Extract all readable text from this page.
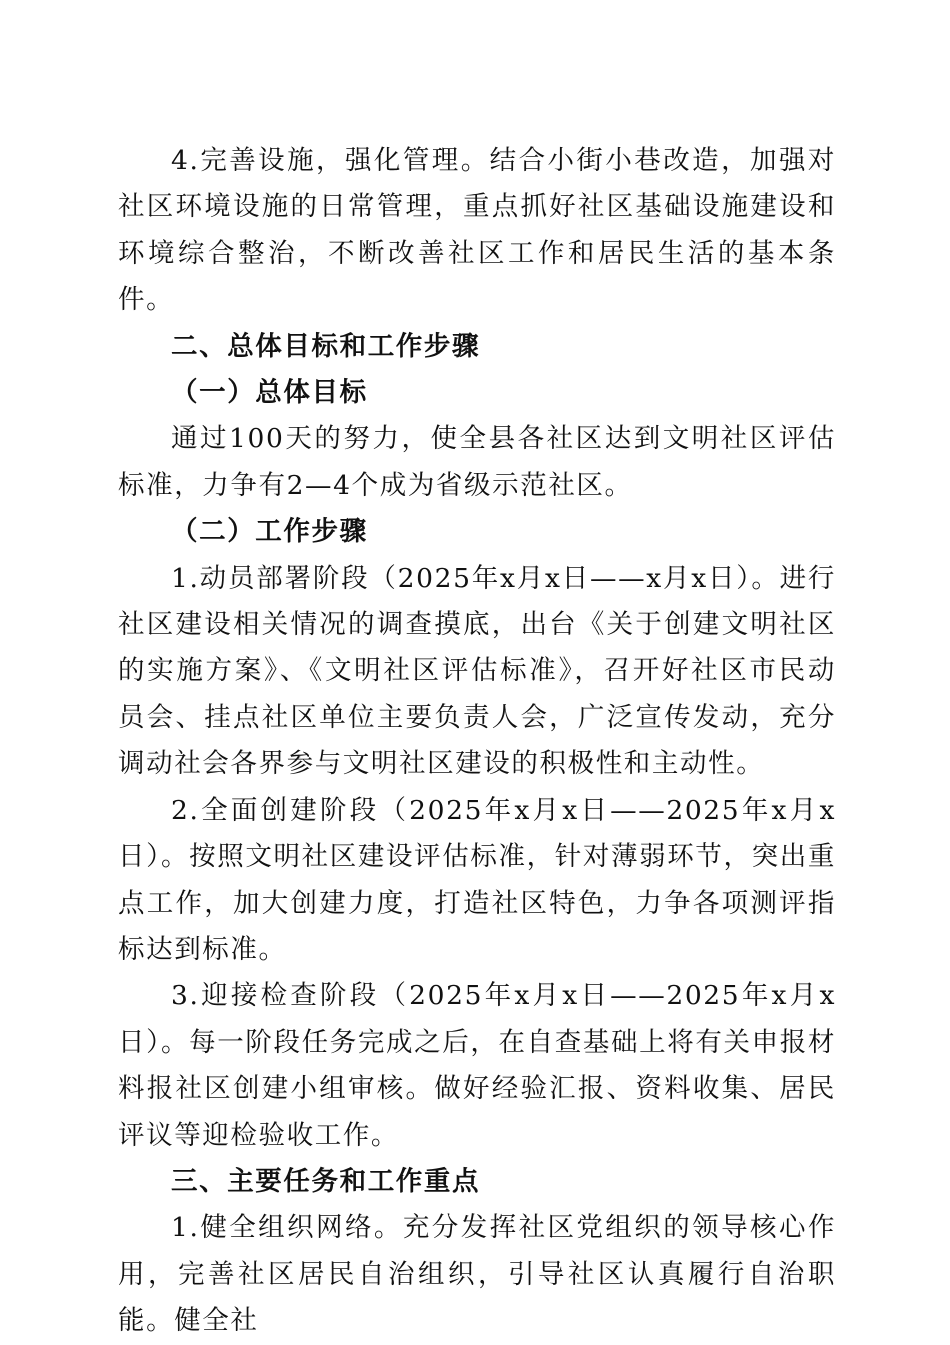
4.完善设施，强化管理。结合小街小巷改造，加强对社区环境设施的日常管理，重点抓好社区基础设施建设和环境综合整治，不断改善社区工作和居民生活的基本条件。

二、总体目标和工作步骤

（一）总体目标

通过100天的努力，使全县各社区达到文明社区评估标准，力争有2—4个成为省级示范社区。

（二）工作步骤

1.动员部署阶段（2025年x月x日——x月x日）。进行社区建设相关情况的调查摸底，出台《关于创建文明社区的实施方案》、《文明社区评估标准》，召开好社区市民动员会、挂点社区单位主要负责人会，广泛宣传发动，充分调动社会各界参与文明社区建设的积极性和主动性。

2.全面创建阶段（2025年x月x日——2025年x月x日）。按照文明社区建设评估标准，针对薄弱环节，突出重点工作，加大创建力度，打造社区特色，力争各项测评指标达到标准。

3.迎接检查阶段（2025年x月x日——2025年x月x日）。每一阶段任务完成之后，在自查基础上将有关申报材料报社区创建小组审核。做好经验汇报、资料收集、居民评议等迎检验收工作。

三、主要任务和工作重点

1.健全组织网络。充分发挥社区党组织的领导核心作用，完善社区居民自治组织，引导社区认真履行自治职能。健全社
